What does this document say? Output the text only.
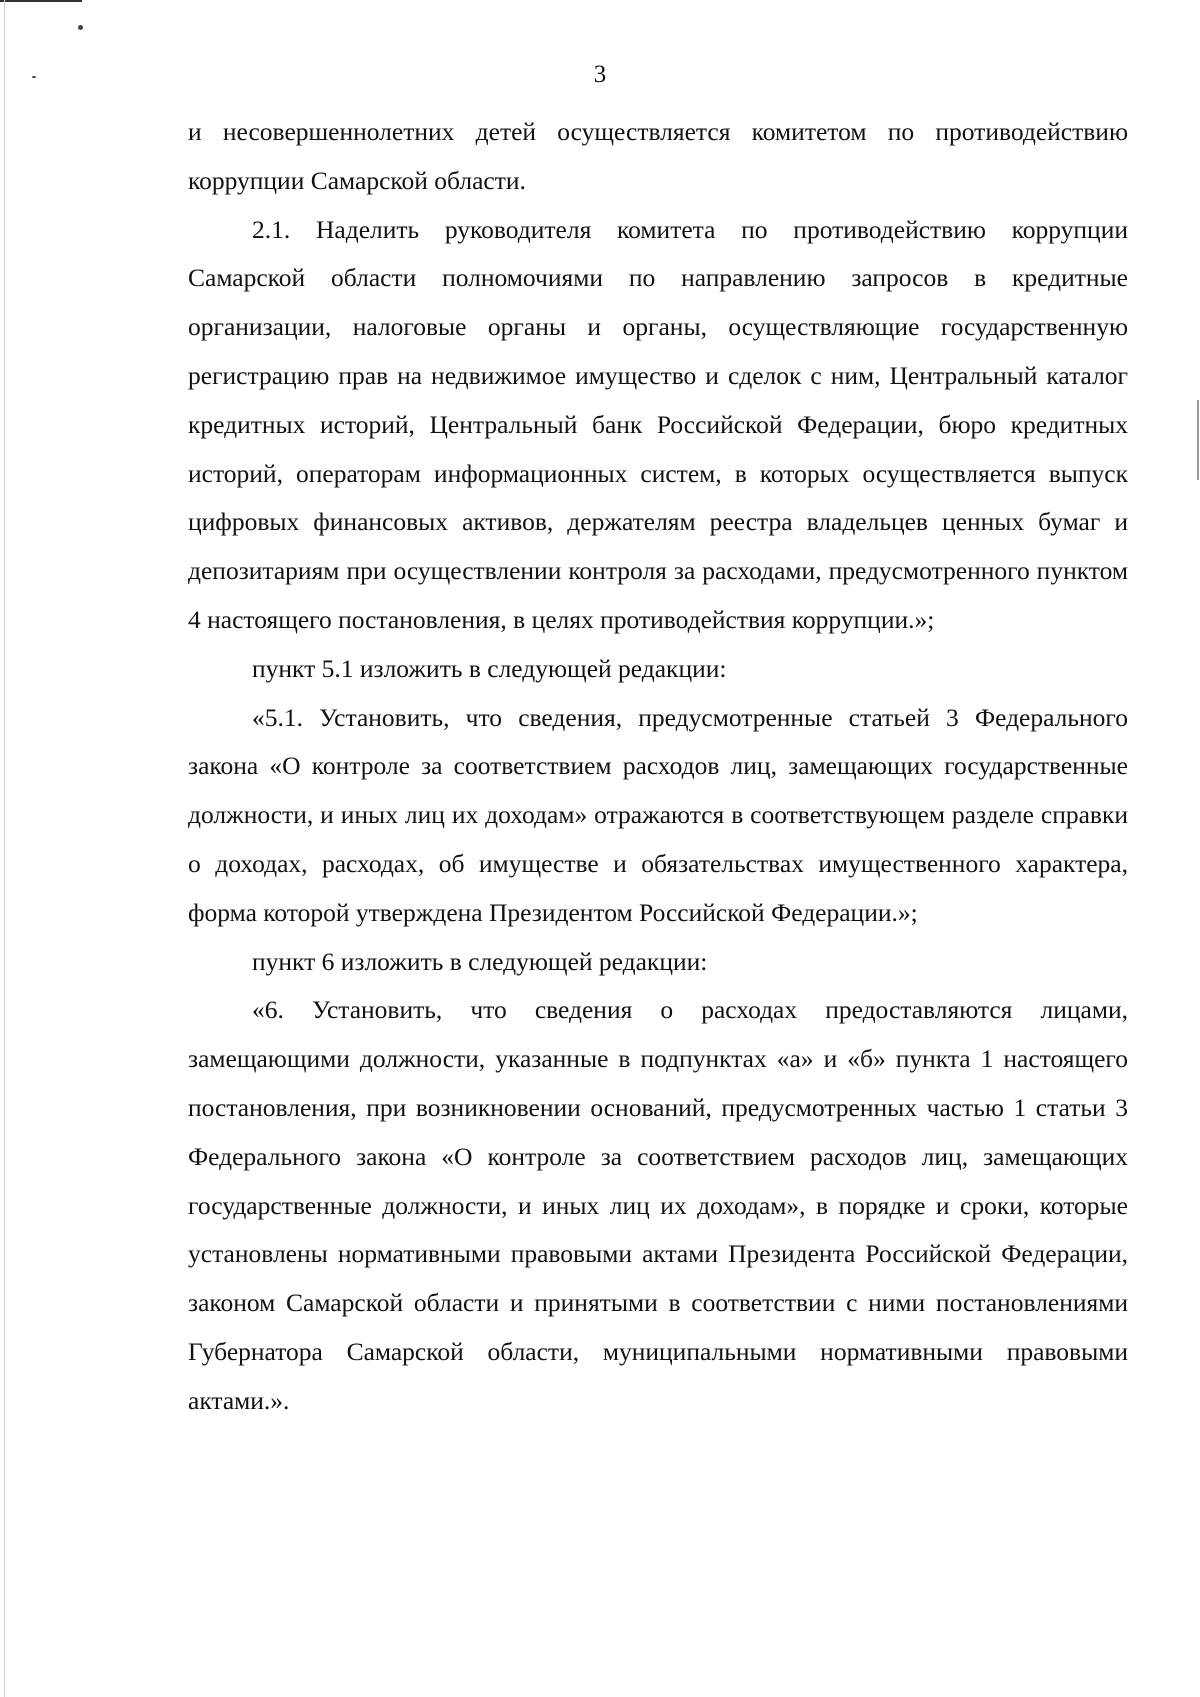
3

и несовершеннолетних детей осуществляется комитетом по противодействию коррупции Самарской области.

2.1. Наделить руководителя комитета по противодействию коррупции Самарской области полномочиями по направлению запросов в кредитные организации, налоговые органы и органы, осуществляющие государственную регистрацию прав на недвижимое имущество и сделок с ним, Центральный каталог кредитных историй, Центральный банк Российской Федерации, бюро кредитных историй, операторам информационных систем, в которых осуществляется выпуск цифровых финансовых активов, держателям реестра владельцев ценных бумаг и депозитариям при осуществлении контроля за расходами, предусмотренного пунктом 4 настоящего постановления, в целях противодействия коррупции.»;

пункт 5.1 изложить в следующей редакции:

«5.1. Установить, что сведения, предусмотренные статьей 3 Федерального закона «О контроле за соответствием расходов лиц, замещающих государственные должности, и иных лиц их доходам» отражаются в соответствующем разделе справки о доходах, расходах, об имуществе и обязательствах имущественного характера, форма которой утверждена Президентом Российской Федерации.»;

пункт 6 изложить в следующей редакции:

«6. Установить, что сведения о расходах предоставляются лицами, замещающими должности, указанные в подпунктах «а» и «б» пункта 1 настоящего постановления, при возникновении оснований, предусмотренных частью 1 статьи 3 Федерального закона «О контроле за соответствием расходов лиц, замещающих государственные должности, и иных лиц их доходам», в порядке и сроки, которые установлены нормативными правовыми актами Президента Российской Федерации, законом Самарской области и принятыми в соответствии с ними постановлениями Губернатора Самарской области, муниципальными нормативными правовыми актами.».
